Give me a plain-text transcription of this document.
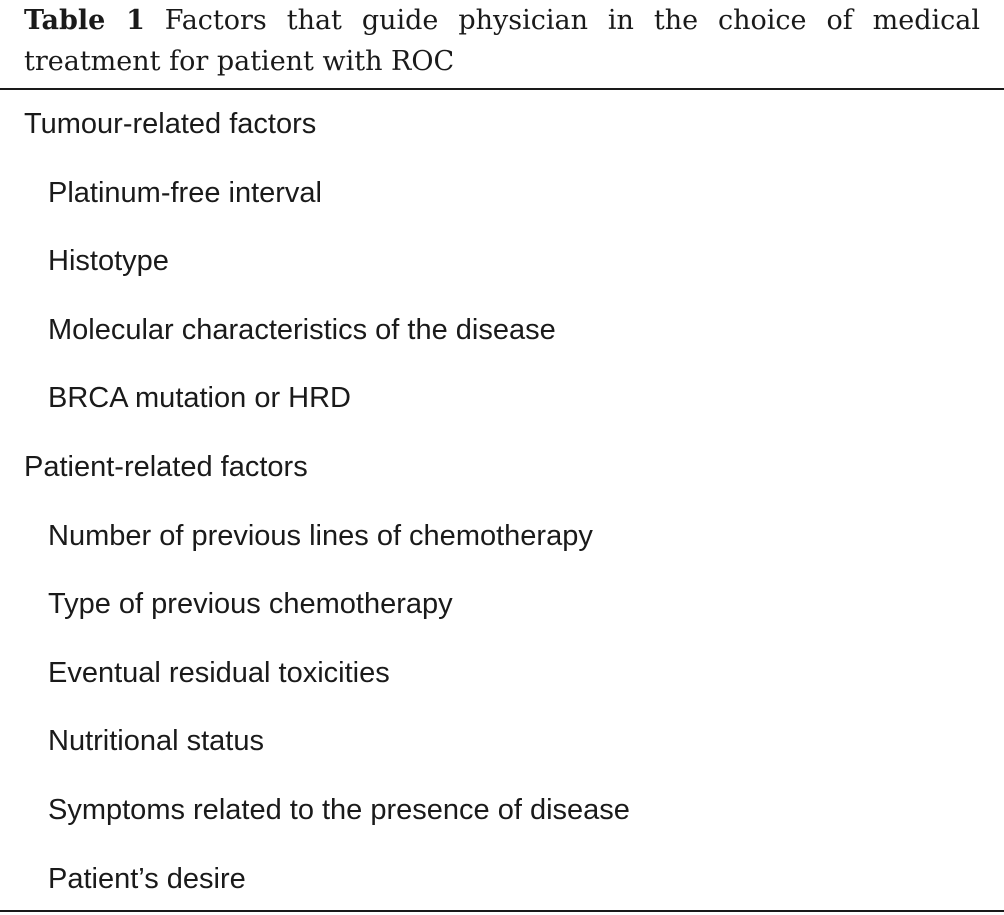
Table 1 Factors that guide physician in the choice of medical treatment for patient with ROC
Tumour-related factors
Platinum-free interval
Histotype
Molecular characteristics of the disease
BRCA mutation or HRD
Patient-related factors
Number of previous lines of chemotherapy
Type of previous chemotherapy
Eventual residual toxicities
Nutritional status
Symptoms related to the presence of disease
Patient’s desire
